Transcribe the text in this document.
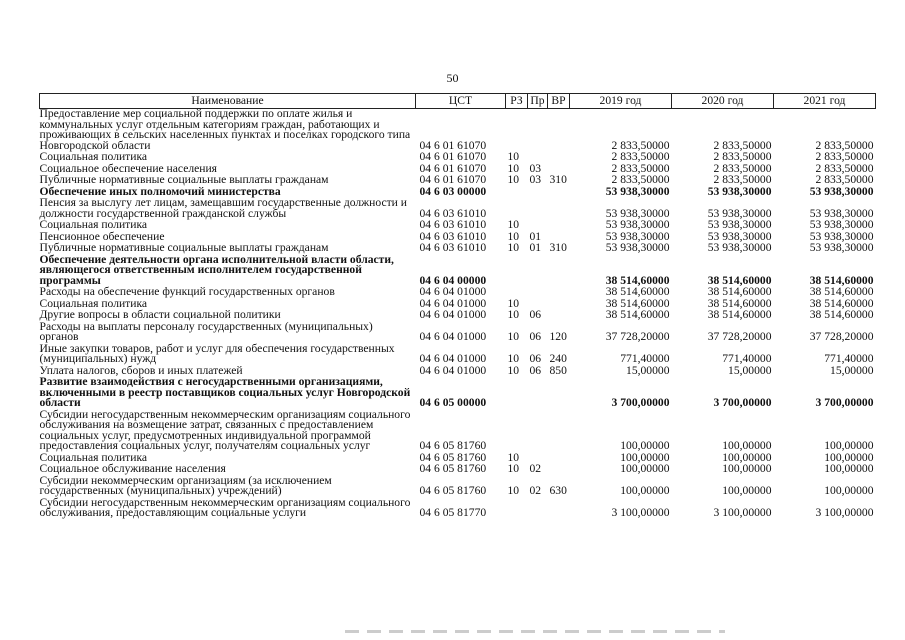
50
Наименование	ЦСТ	РЗ	Пр	ВР	2019 год	2020 год	2021 год
Предоставление мер социальной поддержки по оплате жилья и коммунальных услуг отдельным категориям граждан, работающих и проживающих в сельских населенных пунктах и поселках городского типа Новгородской области	04 6 01 61070				2 833,50000	2 833,50000	2 833,50000
Социальная политика	04 6 01 61070	10			2 833,50000	2 833,50000	2 833,50000
Социальное обеспечение населения	04 6 01 61070	10	03		2 833,50000	2 833,50000	2 833,50000
Публичные нормативные социальные выплаты гражданам	04 6 01 61070	10	03	310	2 833,50000	2 833,50000	2 833,50000
Обеспечение иных полномочий министерства	04 6 03 00000				53 938,30000	53 938,30000	53 938,30000
Пенсия за выслугу лет лицам, замещавшим государственные должности и должности государственной гражданской службы	04 6 03 61010				53 938,30000	53 938,30000	53 938,30000
Социальная политика	04 6 03 61010	10			53 938,30000	53 938,30000	53 938,30000
Пенсионное обеспечение	04 6 03 61010	10	01		53 938,30000	53 938,30000	53 938,30000
Публичные нормативные социальные выплаты гражданам	04 6 03 61010	10	01	310	53 938,30000	53 938,30000	53 938,30000
Обеспечение деятельности органа исполнительной власти области, являющегося ответственным исполнителем государственной программы	04 6 04 00000				38 514,60000	38 514,60000	38 514,60000
Расходы на обеспечение функций государственных органов	04 6 04 01000				38 514,60000	38 514,60000	38 514,60000
Социальная политика	04 6 04 01000	10			38 514,60000	38 514,60000	38 514,60000
Другие вопросы в области социальной политики	04 6 04 01000	10	06		38 514,60000	38 514,60000	38 514,60000
Расходы на выплаты персоналу государственных (муниципальных) органов	04 6 04 01000	10	06	120	37 728,20000	37 728,20000	37 728,20000
Иные закупки товаров, работ и услуг для обеспечения государственных (муниципальных) нужд	04 6 04 01000	10	06	240	771,40000	771,40000	771,40000
Уплата налогов, сборов и иных платежей	04 6 04 01000	10	06	850	15,00000	15,00000	15,00000
Развитие взаимодействия с негосударственными организациями, включенными в реестр поставщиков социальных услуг Новгородской области	04 6 05 00000				3 700,00000	3 700,00000	3 700,00000
Субсидии негосударственным некоммерческим организациям социального обслуживания на возмещение затрат, связанных с предоставлением социальных услуг, предусмотренных индивидуальной программой предоставления социальных услуг, получателям социальных услуг	04 6 05 81760				100,00000	100,00000	100,00000
Социальная политика	04 6 05 81760	10			100,00000	100,00000	100,00000
Социальное обслуживание населения	04 6 05 81760	10	02		100,00000	100,00000	100,00000
Субсидии некоммерческим организациям (за исключением государственных (муниципальных) учреждений)	04 6 05 81760	10	02	630	100,00000	100,00000	100,00000
Субсидии негосударственным некоммерческим организациям социального обслуживания, предоставляющим социальные услуги	04 6 05 81770				3 100,00000	3 100,00000	3 100,00000
